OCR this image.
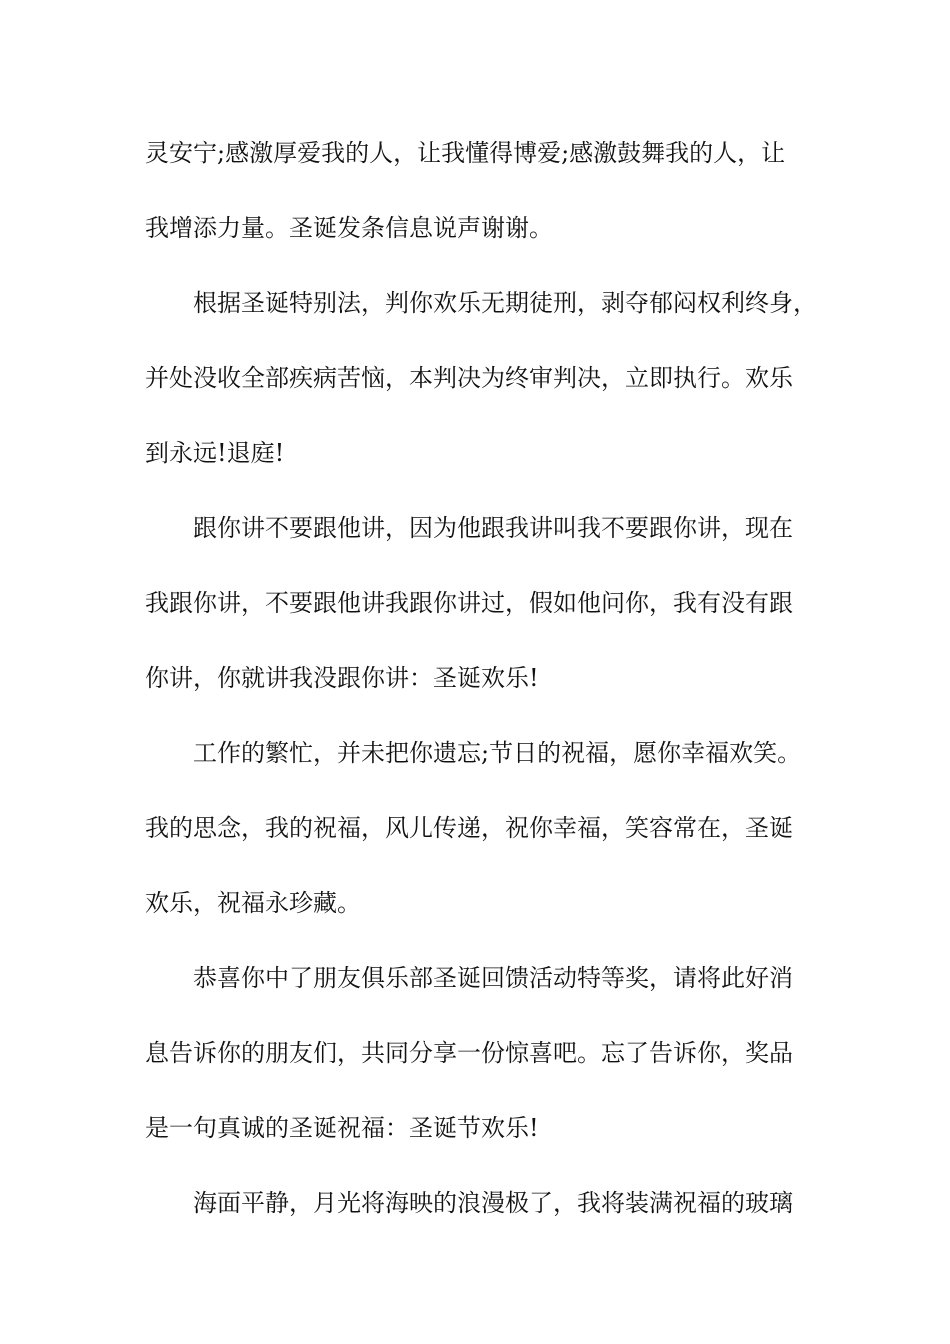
灵安宁;感激厚爱我的人，让我懂得博爱;感激鼓舞我的人，让
我增添力量。圣诞发条信息说声谢谢。
根据圣诞特别法，判你欢乐无期徒刑，剥夺郁闷权利终身，
并处没收全部疾病苦恼，本判决为终审判决，立即执行。欢乐
到永远!退庭!
跟你讲不要跟他讲，因为他跟我讲叫我不要跟你讲，现在
我跟你讲，不要跟他讲我跟你讲过，假如他问你，我有没有跟
你讲，你就讲我没跟你讲：圣诞欢乐!
工作的繁忙，并未把你遗忘;节日的祝福，愿你幸福欢笑。
我的思念，我的祝福，风儿传递，祝你幸福，笑容常在，圣诞
欢乐，祝福永珍藏。
恭喜你中了朋友俱乐部圣诞回馈活动特等奖，请将此好消
息告诉你的朋友们，共同分享一份惊喜吧。忘了告诉你，奖品
是一句真诚的圣诞祝福：圣诞节欢乐!
海面平静，月光将海映的浪漫极了，我将装满祝福的玻璃
